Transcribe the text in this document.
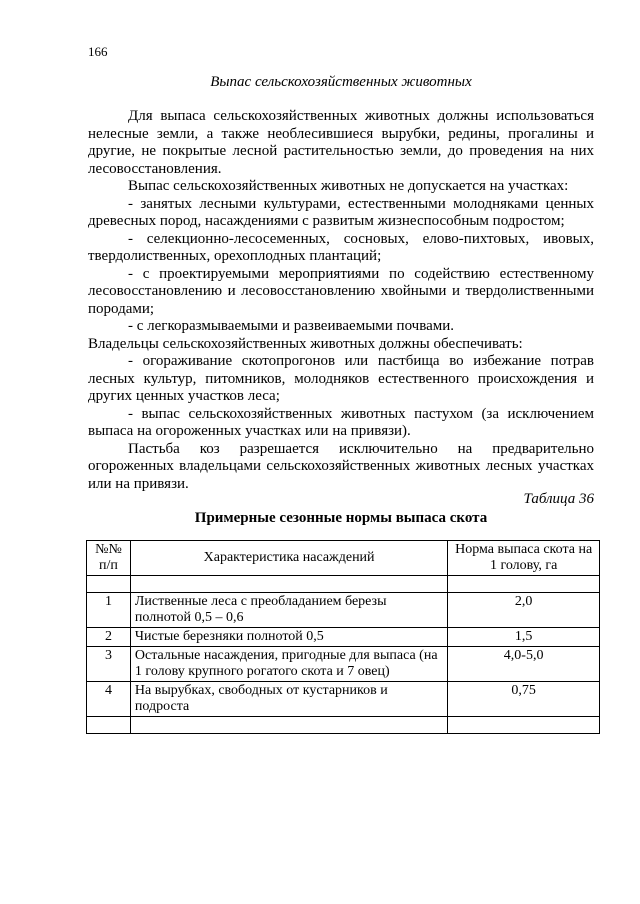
166
Выпас сельскохозяйственных животных

Для выпаса сельскохозяйственных животных должны использоваться нелесные земли, а также необлесившиеся вырубки, редины, прогалины и другие, не покрытые лесной растительностью земли, до проведения на них лесовосстановления.

Выпас сельскохозяйственных животных не допускается на участках:

- занятых лесными культурами, естественными молодняками ценных древесных пород, насаждениями с развитым жизнеспособным подростом;

- селекционно-лесосеменных, сосновых, елово-пихтовых, ивовых, твердолиственных, орехоплодных плантаций;

- с проектируемыми мероприятиями по содействию естественному лесовосстановлению и лесовосстановлению хвойными и твердолиственными породами;

- с легкоразмываемыми и развеиваемыми почвами.

Владельцы сельскохозяйственных животных должны обеспечивать:

- огораживание скотопрогонов или пастбища во избежание потрав лесных культур, питомников, молодняков естественного происхождения и других ценных участков леса;

- выпас сельскохозяйственных животных пастухом (за исключением выпаса на огороженных участках или на привязи).

Пастьба коз разрешается исключительно на предварительно огороженных владельцами сельскохозяйственных животных лесных участках или на привязи.

Таблица 36
Примерные сезонные нормы выпаса скота
№№ п/п	Характеристика насаждений	Норма выпаса скота на 1 голову, га

1	Лиственные леса с преобладанием березы полнотой 0,5 – 0,6	2,0
2	Чистые березняки полнотой 0,5	1,5
3	Остальные насаждения, пригодные для выпаса (на 1 голову крупного рогатого скота и 7 овец)	4,0-5,0
4	На вырубках, свободных от кустарников и подроста	0,75
